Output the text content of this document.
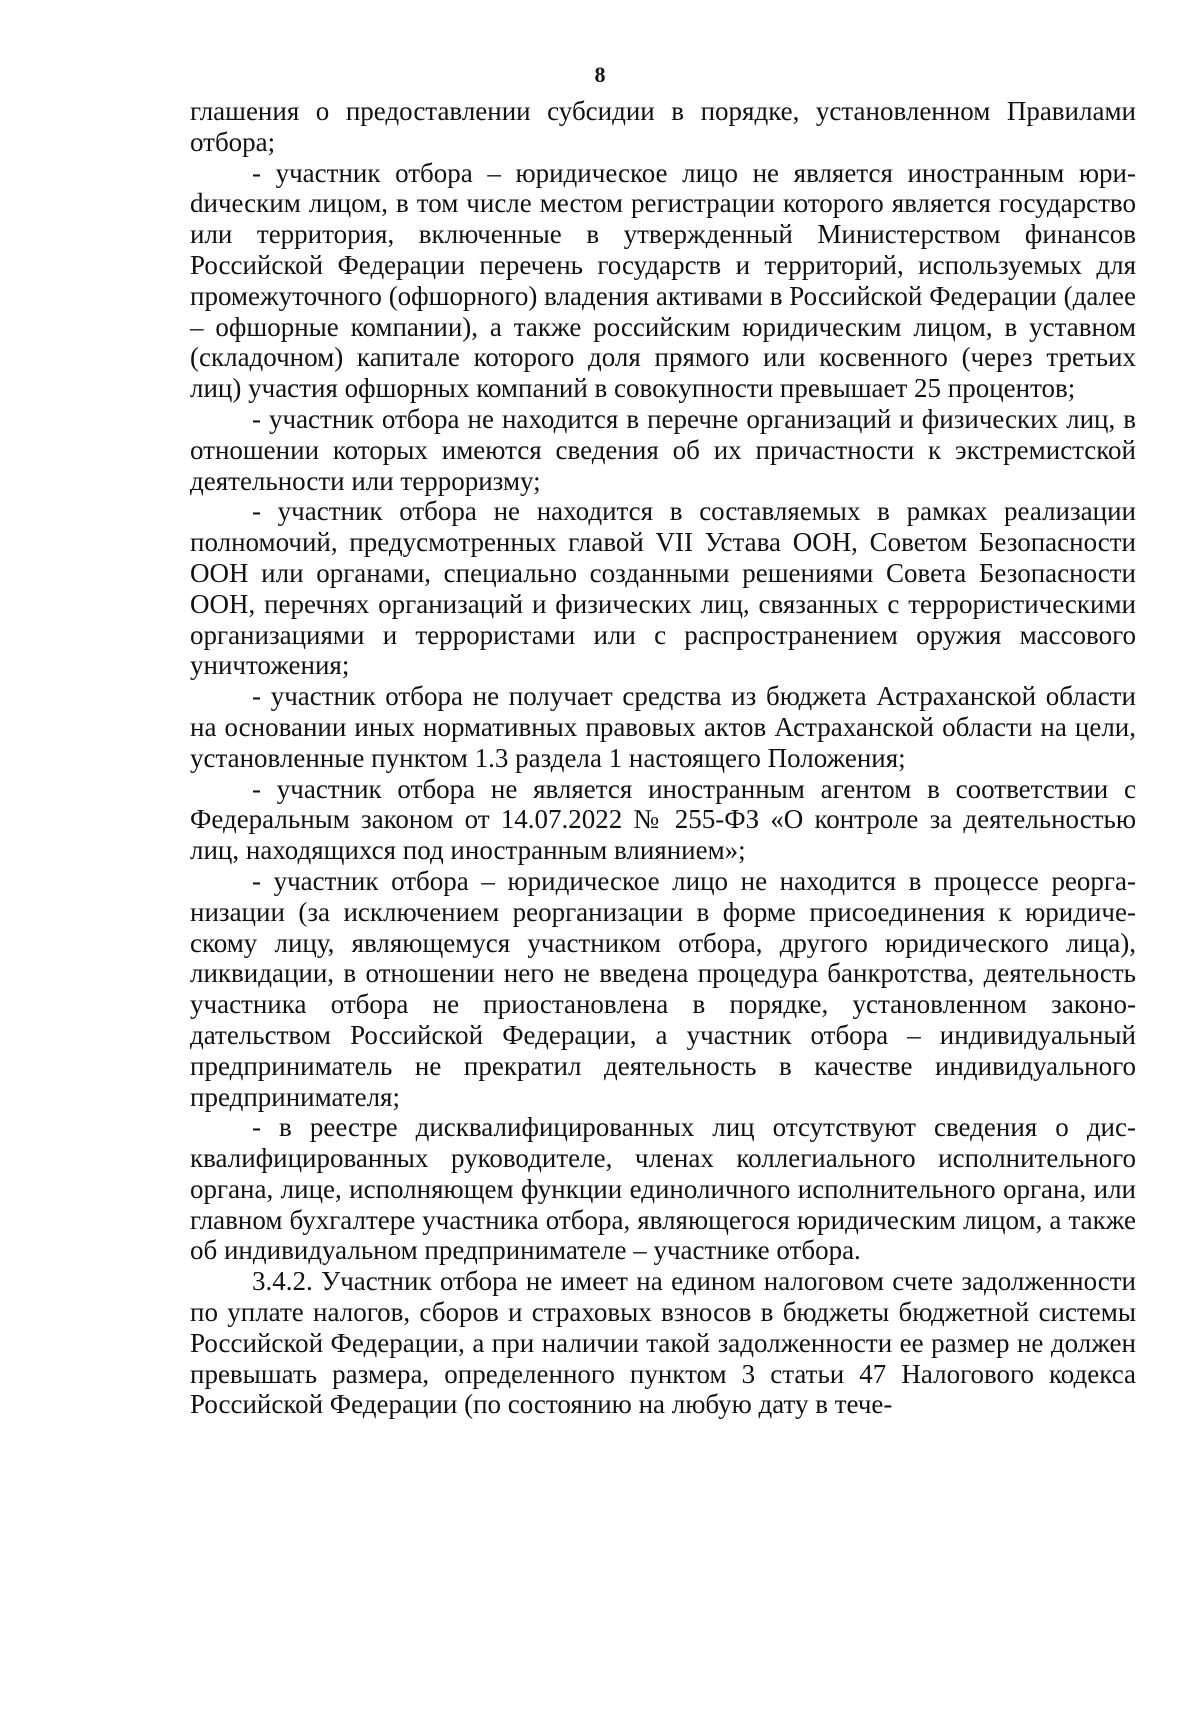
8

глашения о предоставлении субсидии в порядке, установленном Правилами отбора;

- участник отбора – юридическое лицо не является иностранным юриdическим лицом, в том числе местом регистрации которого является государство или территория, включенные в утвержденный Министерством финансов Российской Федерации перечень государств и территорий, используемых для промежуточного (офшорного) владения активами в Российской Федерации (далее – офшорные компании), а также российским юридическим лицом, в уставном (складочном) капитале которого доля прямого или косвенного (через третьих лиц) участия офшорных компаний в совокупности превышает 25 процентов;

- участник отбора не находится в перечне организаций и физических лиц, в отношении которых имеются сведения об их причастности к экстремистской деятельности или терроризму;

- участник отбора не находится в составляемых в рамках реализации полномочий, предусмотренных главой VII Устава ООН, Советом Безопасности ООН или органами, специально созданными решениями Совета Безопасности ООН, перечнях организаций и физических лиц, связанных с террористическими организациями и террористами или с распространением оружия массового уничтожения;

- участник отбора не получает средства из бюджета Астраханской области на основании иных нормативных правовых актов Астраханской области на цели, установленные пунктом 1.3 раздела 1 настоящего Положения;

- участник отбора не является иностранным агентом в соответствии с Федеральным законом от 14.07.2022 № 255-ФЗ «О контроле за деятельностью лиц, находящихся под иностранным влиянием»;

- участник отбора – юридическое лицо не находится в процессе реорганизации (за исключением реорганизации в форме присоединения к юридическому лицу, являющемуся участником отбора, другого юридического лица), ликвидации, в отношении него не введена процедура банкротства, деятельность участника отбора не приостановлена в порядке, установленном законодательством Российской Федерации, а участник отбора – индивидуальный предприниматель не прекратил деятельность в качестве индивидуального предпринимателя;

- в реестре дисквалифицированных лиц отсутствуют сведения о дисквалифицированных руководителе, членах коллегиального исполнительного органа, лице, исполняющем функции единоличного исполнительного органа, или главном бухгалтере участника отбора, являющегося юридическим лицом, а также об индивидуальном предпринимателе – участнике отбора.

3.4.2. Участник отбора не имеет на едином налоговом счете задолженности по уплате налогов, сборов и страховых взносов в бюджеты бюджетной системы Российской Федерации, а при наличии такой задолженности ее размер не должен превышать размера, определенного пунктом 3 статьи 47 Налогового кодекса Российской Федерации (по состоянию на любую дату в тече-
